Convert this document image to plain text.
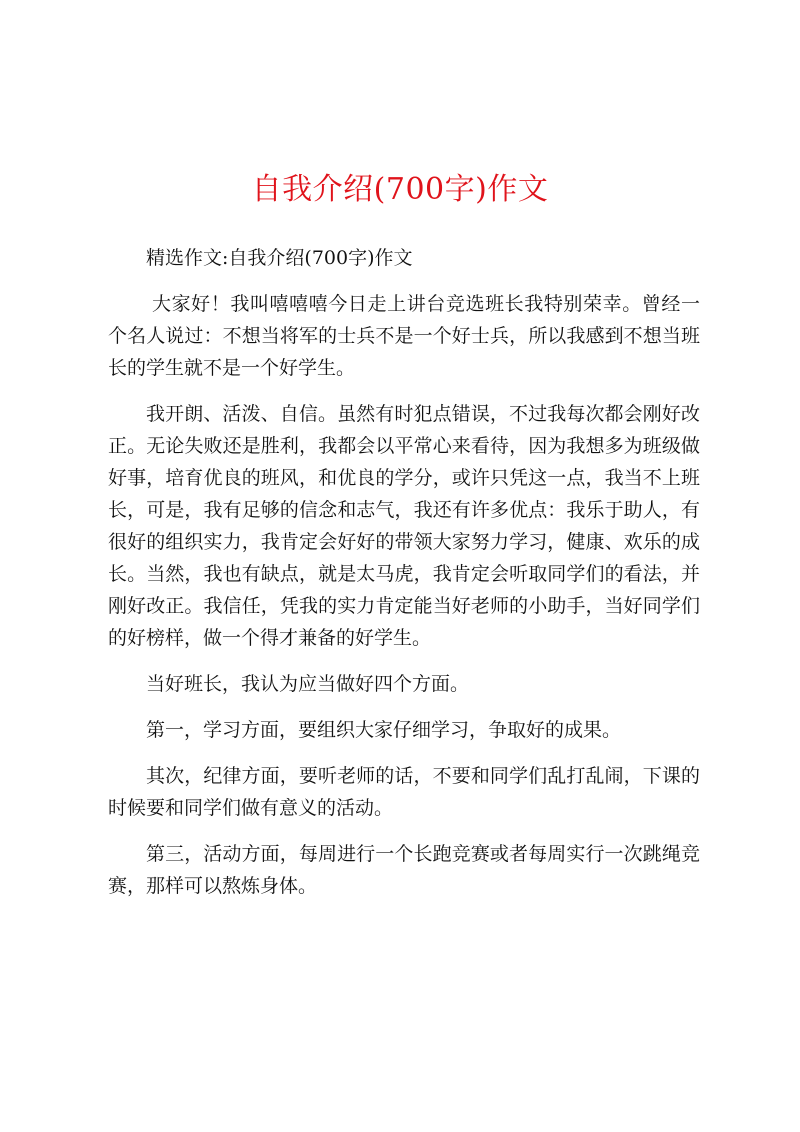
自我介绍(700字)作文

精选作文:自我介绍(700字)作文

大家好！我叫嘻嘻嘻今日走上讲台竞选班长我特别荣幸。曾经一个名人说过：不想当将军的士兵不是一个好士兵，所以我感到不想当班长的学生就不是一个好学生。

我开朗、活泼、自信。虽然有时犯点错误，不过我每次都会刚好改正。无论失败还是胜利，我都会以平常心来看待，因为我想多为班级做好事，培育优良的班风，和优良的学分，或许只凭这一点，我当不上班长，可是，我有足够的信念和志气，我还有许多优点：我乐于助人，有很好的组织实力，我肯定会好好的带领大家努力学习，健康、欢乐的成长。当然，我也有缺点，就是太马虎，我肯定会听取同学们的看法，并刚好改正。我信任，凭我的实力肯定能当好老师的小助手，当好同学们的好榜样，做一个得才兼备的好学生。

当好班长，我认为应当做好四个方面。

第一，学习方面，要组织大家仔细学习，争取好的成果。

其次，纪律方面，要听老师的话，不要和同学们乱打乱闹，下课的时候要和同学们做有意义的活动。

第三，活动方面，每周进行一个长跑竞赛或者每周实行一次跳绳竞赛，那样可以熬炼身体。
